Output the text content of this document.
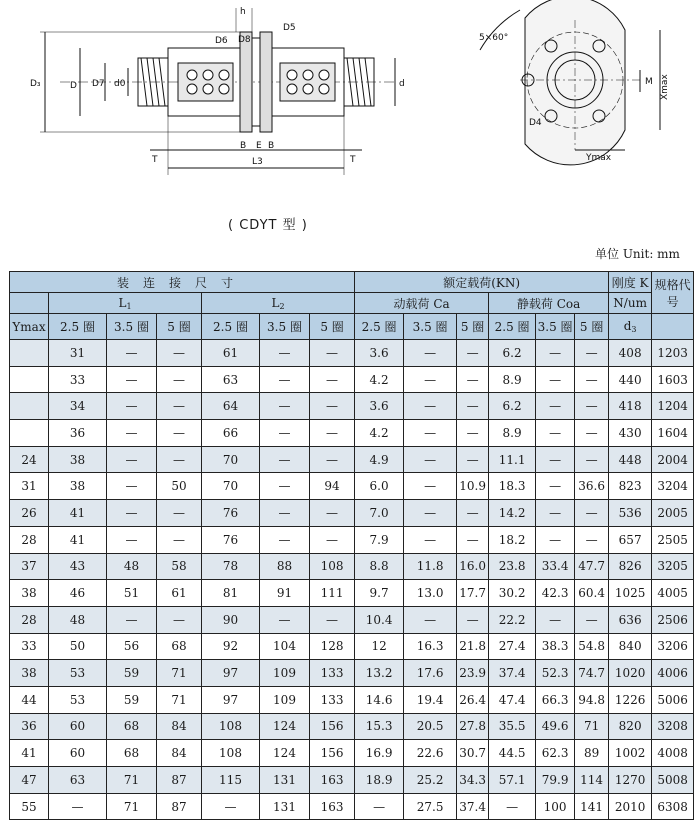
h
D6 D8
D5
D₃	D D7 d0	d
T	T
B E B
L3
5×60°
D4
M Xmax
Ymax
( CDYT 型 )
单位 Unit: mm
装连接尺寸							额定载荷(KN)						刚度 K	规格代号
	$L_1$			$L_2$			动载荷 Ca			静载荷 Coa			N/um	
Ymax	2.5 圈	3.5 圈	5 圈	2.5 圈	3.5 圈	5 圈	2.5 圈	3.5 圈	5 圈	2.5 圈	3.5 圈	5 圈	$d_3$	
	31	—	—	61	—	—	3.6	—	—	6.2	—	—	408	1203
	33	—	—	63	—	—	4.2	—	—	8.9	—	—	440	1603
	34	—	—	64	—	—	3.6	—	—	6.2	—	—	418	1204
	36	—	—	66	—	—	4.2	—	—	8.9	—	—	430	1604
24	38	—	—	70	—	—	4.9	—	—	11.1	—	—	448	2004
31	38	—	50	70	—	94	6.0	—	10.9	18.3	—	36.6	823	3204
26	41	—	—	76	—	—	7.0	—	—	14.2	—	—	536	2005
28	41	—	—	76	—	—	7.9	—	—	18.2	—	—	657	2505
37	43	48	58	78	88	108	8.8	11.8	16.0	23.8	33.4	47.7	826	3205
38	46	51	61	81	91	111	9.7	13.0	17.7	30.2	42.3	60.4	1025	4005
28	48	—	—	90	—	—	10.4	—	—	22.2	—	—	636	2506
33	50	56	68	92	104	128	12	16.3	21.8	27.4	38.3	54.8	840	3206
38	53	59	71	97	109	133	13.2	17.6	23.9	37.4	52.3	74.7	1020	4006
44	53	59	71	97	109	133	14.6	19.4	26.4	47.4	66.3	94.8	1226	5006
36	60	68	84	108	124	156	15.3	20.5	27.8	35.5	49.6	71	820	3208
41	60	68	84	108	124	156	16.9	22.6	30.7	44.5	62.3	89	1002	4008
47	63	71	87	115	131	163	18.9	25.2	34.3	57.1	79.9	114	1270	5008
55	—	71	87	—	131	163	—	27.5	37.4	—	100	141	2010	6308
